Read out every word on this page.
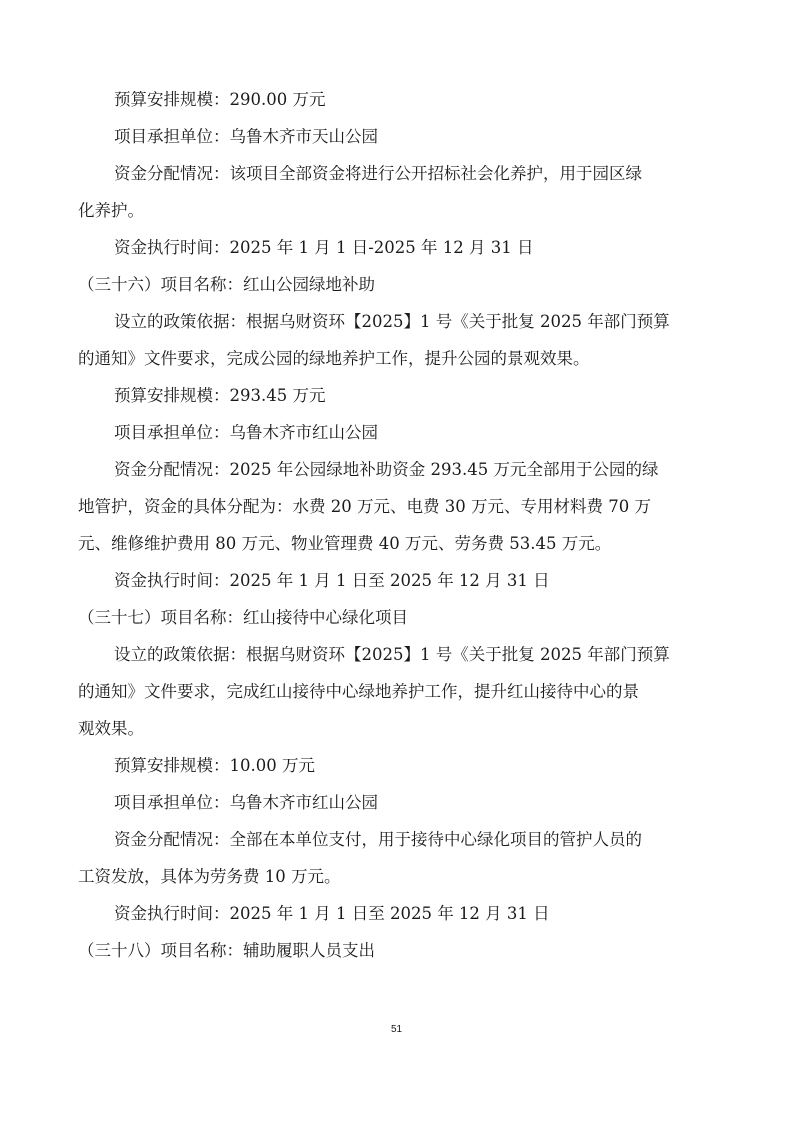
预算安排规模：290.00 万元
项目承担单位：乌鲁木齐市天山公园
资金分配情况：该项目全部资金将进行公开招标社会化养护，用于园区绿
化养护。
资金执行时间：2025 年 1 月 1 日-2025 年 12 月 31 日
（三十六）项目名称：红山公园绿地补助
设立的政策依据：根据乌财资环【2025】1 号《关于批复 2025 年部门预算
的通知》文件要求，完成公园的绿地养护工作，提升公园的景观效果。
预算安排规模：293.45 万元
项目承担单位：乌鲁木齐市红山公园
资金分配情况：2025 年公园绿地补助资金 293.45 万元全部用于公园的绿
地管护，资金的具体分配为：水费 20 万元、电费 30 万元、专用材料费 70 万
元、维修维护费用 80 万元、物业管理费 40 万元、劳务费 53.45 万元。
资金执行时间：2025 年 1 月 1 日至 2025 年 12 月 31 日
（三十七）项目名称：红山接待中心绿化项目
设立的政策依据：根据乌财资环【2025】1 号《关于批复 2025 年部门预算
的通知》文件要求，完成红山接待中心绿地养护工作，提升红山接待中心的景
观效果。
预算安排规模：10.00 万元
项目承担单位：乌鲁木齐市红山公园
资金分配情况：全部在本单位支付，用于接待中心绿化项目的管护人员的
工资发放，具体为劳务费 10 万元。
资金执行时间：2025 年 1 月 1 日至 2025 年 12 月 31 日
（三十八）项目名称：辅助履职人员支出
51
